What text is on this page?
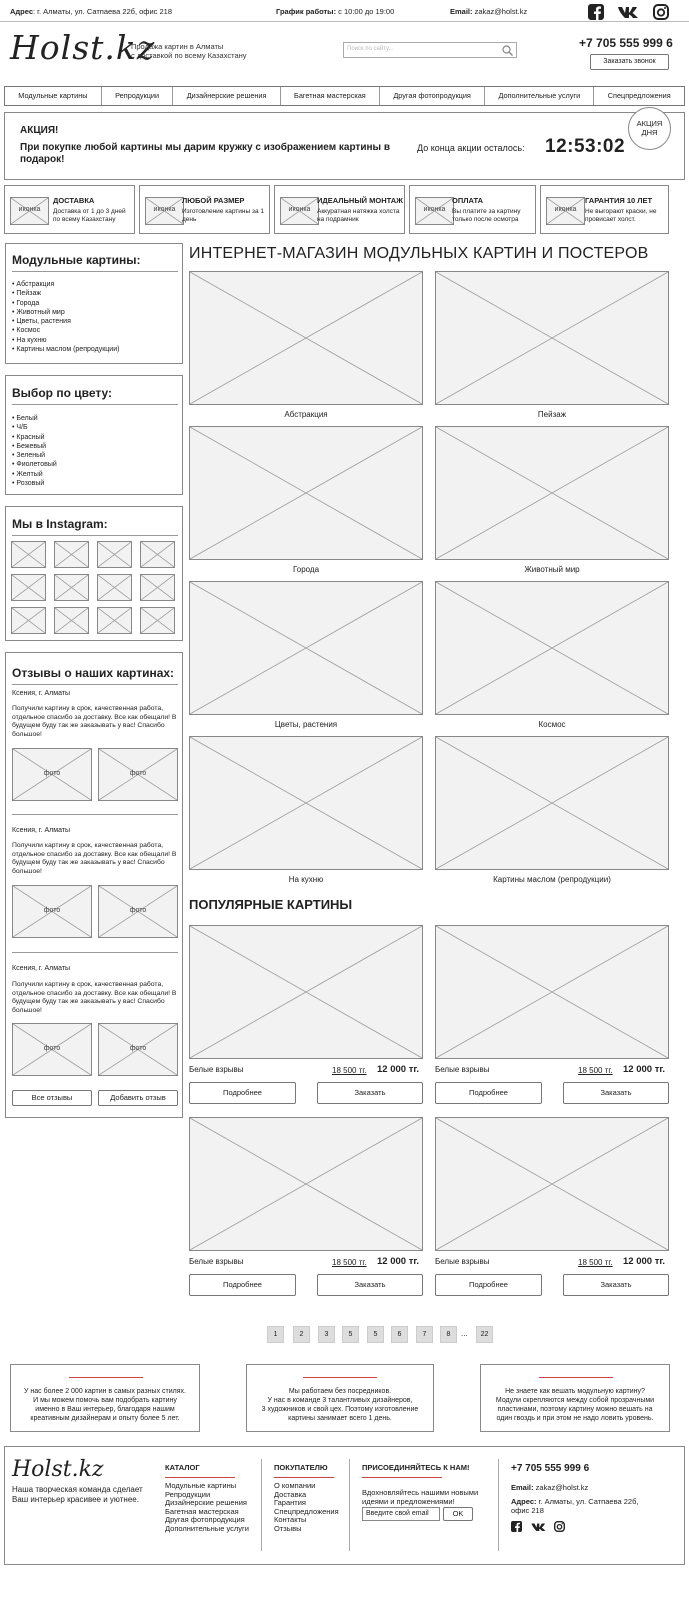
Адрес: г. Алматы, ул. Сатпаева 22б, офис 218	График работы: с 10:00 до 19:00	Email: zakaz@holst.kz
Holst.kz
Продажа картин в Алматы
с доставкой по всему Казахстану
Поиск по сайту...	+7 705 555 999 6
Заказать звонок
Модульные картины	Репродукции	Дизайнерские решения	Багетная мастерская	Другая фотопродукция	Дополнительные услуги	Спецпредложения
АКЦИЯ!
При покупке любой картины мы дарим кружку с изображением картины в подарок!
До конца акции осталось: 12:53:02
АКЦИЯ
ДНЯ
иконка
ДОСТАВКА
Доставка от 1 до 3 дней по всему Казахстану
иконка
ЛЮБОЙ РАЗМЕР
Изготовление картины за 1 день
иконка
ИДЕАЛЬНЫЙ МОНТАЖ
Аккуратная натяжка холста на подрамник
иконка
ОПЛАТА
Вы платите за картину только после осмотра
иконка
ГАРАНТИЯ 10 ЛЕТ
Не выгорают краски, не провисает холст.
Модульные картины:
• Абстракция
• Пейзаж
• Города
• Животный мир
• Цветы, растения
• Космос
• На кухню
• Картины маслом (репродукции)
Выбор по цвету:
• Белый
• Ч/Б
• Красный
• Бежевый
• Зеленый
• Фиолетовый
• Желтый
• Розовый
Мы в Instagram:
Отзывы о наших картинах:
Ксения, г. Алматы
Получили картину в срок, качественная работа, отдельное спасибо за доставку. Все как обещали! В будущем буду так же заказывать у вас! Спасибо большое!
фото	фото
Ксения, г. Алматы
Получили картину в срок, качественная работа, отдельное спасибо за доставку. Все как обещали! В будущем буду так же заказывать у вас! Спасибо большое!
фото	фото
Ксения, г. Алматы
Получили картину в срок, качественная работа, отдельное спасибо за доставку. Все как обещали! В будущем буду так же заказывать у вас! Спасибо большое!
фото	фото
Все отзывы	Добавить отзыв
ИНТЕРНЕТ-МАГАЗИН МОДУЛЬНЫХ КАРТИН И ПОСТЕРОВ
ПОПУЛЯРНЫЕ КАРТИНЫ
У нас более 2 000 картин в самых разных стилях.
И мы можем помочь вам подобрать картину
именно в Ваш интерьер, благодаря нашим
креативным дизайнерам и опыту более 5 лет.
Мы работаем без посредников.
У нас в команде 3 талантливых дизайнеров,
3 художников и свой цех. Поэтому изготовление
картины занимает всего 1 день.
Не знаете как вешать модульную картину?
Модули скрепляются между собой прозрачными
пластинами, поэтому картину можно вешать на
один гвоздь и при этом не надо ловить уровень.
Holst.kz
Наша творческая команда сделает
Ваш интерьер красивее и уютнее.
КАТАЛОГ
Модульные картины
Репродукции
Дизайнерские решения
Багетная мастерская
Другая фотопродукция
Дополнительные услуги
ПОКУПАТЕЛЮ
О компании
Доставка
Гарантия
Спецпредложения
Контакты
Отзывы
ПРИСОЕДИНЯЙТЕСЬ К НАМ!
Вдохновляйтесь нашими новыми
идеями и предложениями!
Введите свой email	OK
+7 705 555 999 6
Email: zakaz@holst.kz
Адрес: г. Алматы, ул. Сатпаева 22б,
офис 218
Абстракция	Пейзаж
Города	Животный мир
Цветы, растения	Космос
На кухню	Картины маслом (репродукции)
Белые взрывы	18 500 тг. 12 000 тг.
Подробнее	Заказать
Белые взрывы	18 500 тг. 12 000 тг.
Подробнее	Заказать
Белые взрывы	18 500 тг. 12 000 тг.
Подробнее	Заказать
Белые взрывы	18 500 тг. 12 000 тг.
Подробнее	Заказать
1	2	3	5	5	6	7	8	...	22
